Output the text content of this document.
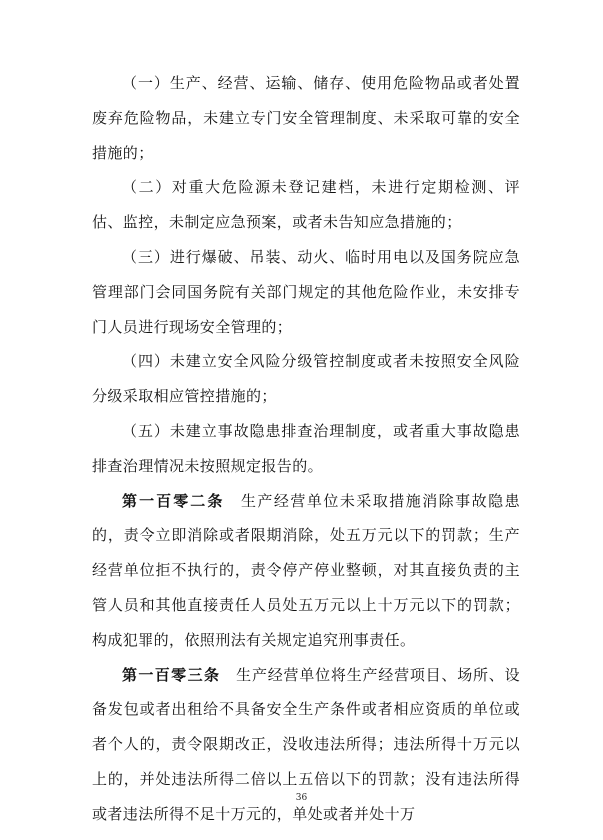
（一）生产、经营、运输、储存、使用危险物品或者处置废弃危险物品，未建立专门安全管理制度、未采取可靠的安全措施的；

（二）对重大危险源未登记建档，未进行定期检测、评估、监控，未制定应急预案，或者未告知应急措施的；

（三）进行爆破、吊装、动火、临时用电以及国务院应急管理部门会同国务院有关部门规定的其他危险作业，未安排专门人员进行现场安全管理的；

（四）未建立安全风险分级管控制度或者未按照安全风险分级采取相应管控措施的；

（五）未建立事故隐患排查治理制度，或者重大事故隐患排查治理情况未按照规定报告的。

第一百零二条　 生产经营单位未采取措施消除事故隐患的，责令立即消除或者限期消除，处五万元以下的罚款；生产经营单位拒不执行的，责令停产停业整顿，对其直接负责的主管人员和其他直接责任人员处五万元以上十万元以下的罚款；构成犯罪的，依照刑法有关规定追究刑事责任。

第一百零三条　 生产经营单位将生产经营项目、场所、设备发包或者出租给不具备安全生产条件或者相应资质的单位或者个人的，责令限期改正，没收违法所得；违法所得十万元以上的，并处违法所得二倍以上五倍以下的罚款；没有违法所得或者违法所得不足十万元的，单处或者并处十万

36
